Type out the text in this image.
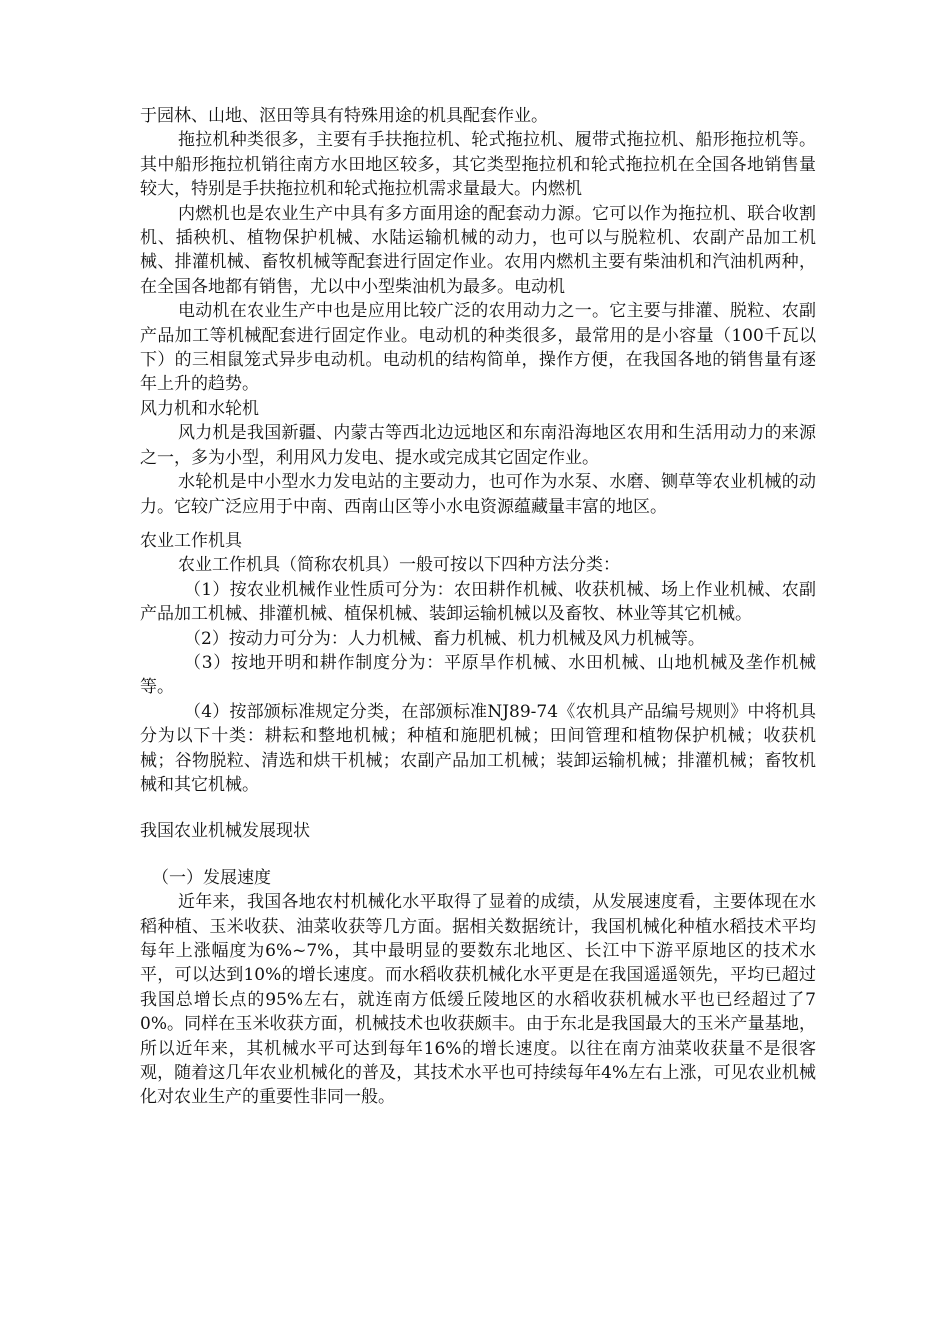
于园林、山地、沤田等具有特殊用途的机具配套作业。

拖拉机种类很多，主要有手扶拖拉机、轮式拖拉机、履带式拖拉机、船形拖拉机等。其中船形拖拉机销往南方水田地区较多，其它类型拖拉机和轮式拖拉机在全国各地销售量较大，特别是手扶拖拉机和轮式拖拉机需求量最大。内燃机

内燃机也是农业生产中具有多方面用途的配套动力源。它可以作为拖拉机、联合收割机、插秧机、植物保护机械、水陆运输机械的动力，也可以与脱粒机、农副产品加工机械、排灌机械、畜牧机械等配套进行固定作业。农用内燃机主要有柴油机和汽油机两种，在全国各地都有销售，尤以中小型柴油机为最多。电动机

电动机在农业生产中也是应用比较广泛的农用动力之一。它主要与排灌、脱粒、农副产品加工等机械配套进行固定作业。电动机的种类很多，最常用的是小容量（100千瓦以下）的三相鼠笼式异步电动机。电动机的结构简单，操作方便，在我国各地的销售量有逐年上升的趋势。

风力机和水轮机

风力机是我国新疆、内蒙古等西北边远地区和东南沿海地区农用和生活用动力的来源之一，多为小型，利用风力发电、提水或完成其它固定作业。

水轮机是中小型水力发电站的主要动力，也可作为水泵、水磨、铡草等农业机械的动力。它较广泛应用于中南、西南山区等小水电资源蕴藏量丰富的地区。

农业工作机具

农业工作机具（简称农机具）一般可按以下四种方法分类：

（1）按农业机械作业性质可分为：农田耕作机械、收获机械、场上作业机械、农副产品加工机械、排灌机械、植保机械、装卸运输机械以及畜牧、林业等其它机械。

（2）按动力可分为：人力机械、畜力机械、机力机械及风力机械等。

（3）按地开明和耕作制度分为：平原旱作机械、水田机械、山地机械及垄作机械等。

（4）按部颁标准规定分类，在部颁标准NJ89-74《农机具产品编号规则》中将机具分为以下十类：耕耘和整地机械；种植和施肥机械；田间管理和植物保护机械；收获机械；谷物脱粒、清选和烘干机械；农副产品加工机械；装卸运输机械；排灌机械；畜牧机械和其它机械。

我国农业机械发展现状

（一）发展速度

近年来，我国各地农村机械化水平取得了显着的成绩，从发展速度看，主要体现在水稻种植、玉米收获、油菜收获等几方面。据相关数据统计，我国机械化种植水稻技术平均每年上涨幅度为6%~7%，其中最明显的要数东北地区、长江中下游平原地区的技术水平，可以达到10%的增长速度。而水稻收获机械化水平更是在我国遥遥领先，平均已超过我国总增长点的95%左右，就连南方低缓丘陵地区的水稻收获机械水平也已经超过了70%。同样在玉米收获方面，机械技术也收获颇丰。由于东北是我国最大的玉米产量基地，所以近年来，其机械水平可达到每年16%的增长速度。以往在南方油菜收获量不是很客观，随着这几年农业机械化的普及，其技术水平也可持续每年4%左右上涨，可见农业机械化对农业生产的重要性非同一般。
